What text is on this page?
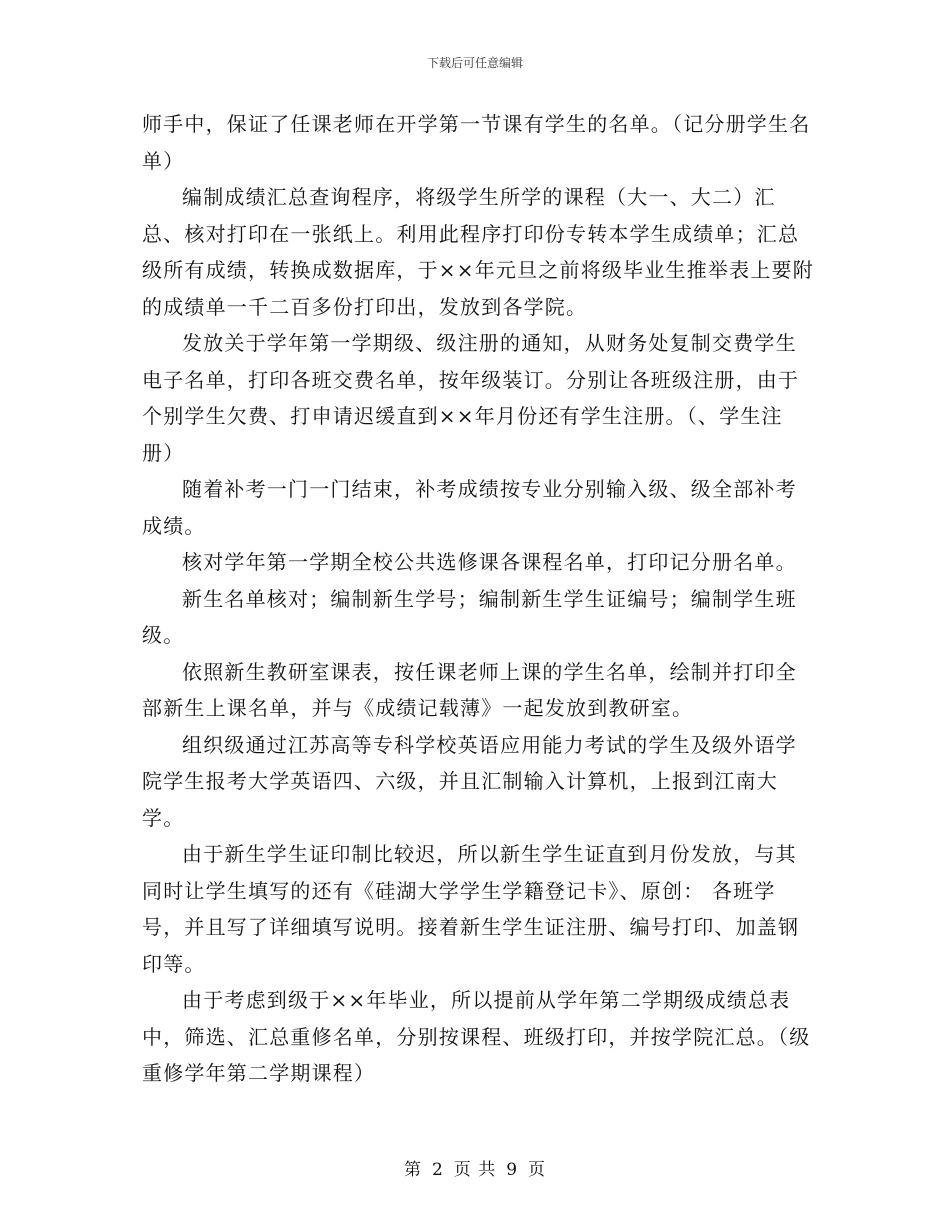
下载后可任意编辑

师手中，保证了任课老师在开学第一节课有学生的名单。（记分册学生名单）

编制成绩汇总查询程序，将级学生所学的课程（大一、大二）汇总、核对打印在一张纸上。利用此程序打印份专转本学生成绩单；汇总级所有成绩，转换成数据库，于××年元旦之前将级毕业生推举表上要附的成绩单一千二百多份打印出，发放到各学院。

发放关于学年第一学期级、级注册的通知，从财务处复制交费学生电子名单，打印各班交费名单，按年级装订。分别让各班级注册，由于个别学生欠费、打申请迟缓直到××年月份还有学生注册。（、学生注册）

随着补考一门一门结束，补考成绩按专业分别输入级、级全部补考成绩。

核对学年第一学期全校公共选修课各课程名单，打印记分册名单。

新生名单核对；编制新生学号；编制新生学生证编号；编制学生班级。

依照新生教研室课表，按任课老师上课的学生名单，绘制并打印全部新生上课名单，并与《成绩记载薄》一起发放到教研室。

组织级通过江苏高等专科学校英语应用能力考试的学生及级外语学院学生报考大学英语四、六级，并且汇制输入计算机，上报到江南大学。

由于新生学生证印制比较迟，所以新生学生证直到月份发放，与其同时让学生填写的还有《硅湖大学学生学籍登记卡》、原创： 各班学号，并且写了详细填写说明。接着新生学生证注册、编号打印、加盖钢印等。

由于考虑到级于××年毕业，所以提前从学年第二学期级成绩总表中，筛选、汇总重修名单，分别按课程、班级打印，并按学院汇总。（级重修学年第二学期课程）

第 2 页 共 9 页
